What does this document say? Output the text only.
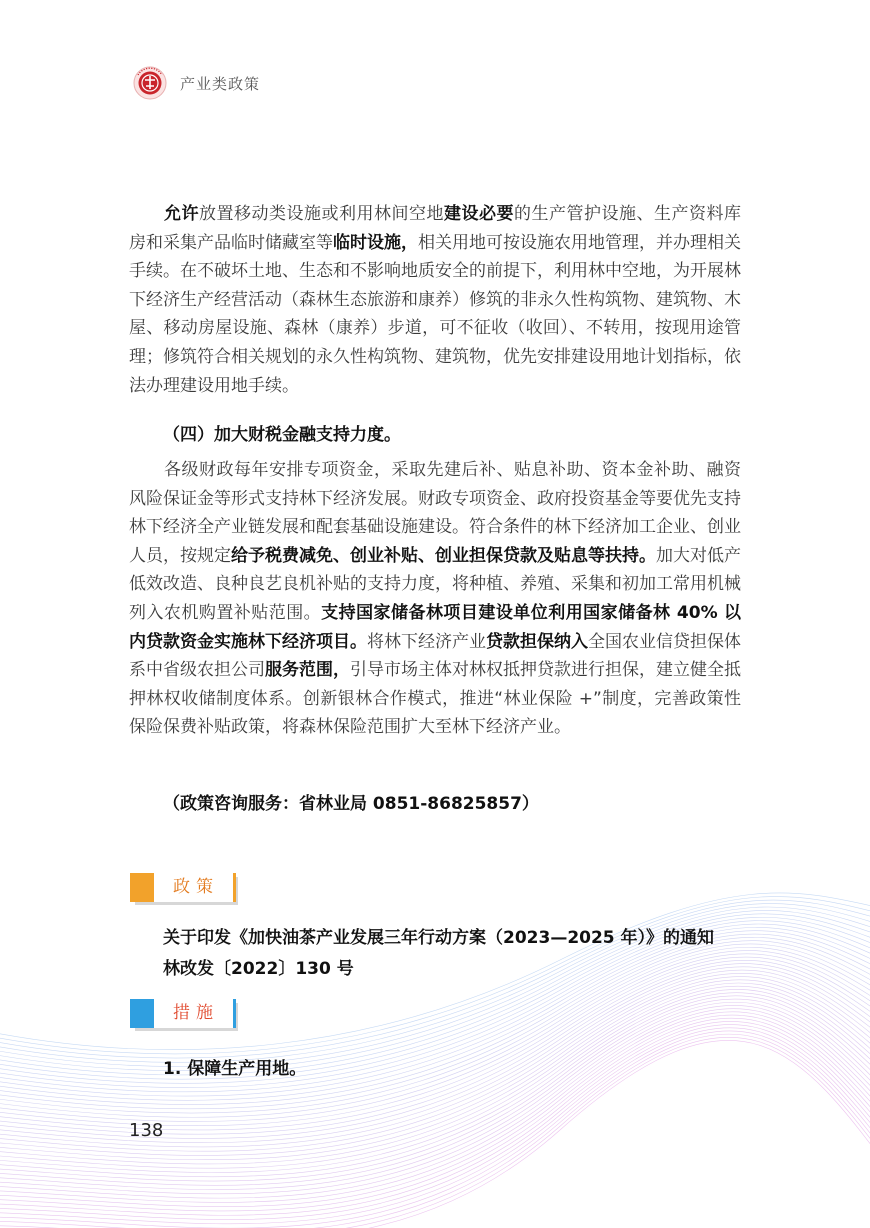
产业类政策

允许放置移动类设施或利用林间空地建设必要的生产管护设施、生产资料库房和采集产品临时储藏室等临时设施，相关用地可按设施农用地管理，并办理相关手续。在不破坏土地、生态和不影响地质安全的前提下，利用林中空地，为开展林下经济生产经营活动（森林生态旅游和康养）修筑的非永久性构筑物、建筑物、木屋、移动房屋设施、森林（康养）步道，可不征收（收回）、不转用，按现用途管理；修筑符合相关规划的永久性构筑物、建筑物，优先安排建设用地计划指标，依法办理建设用地手续。

（四）加大财税金融支持力度。

各级财政每年安排专项资金，采取先建后补、贴息补助、资本金补助、融资风险保证金等形式支持林下经济发展。财政专项资金、政府投资基金等要优先支持林下经济全产业链发展和配套基础设施建设。符合条件的林下经济加工企业、创业人员，按规定给予税费减免、创业补贴、创业担保贷款及贴息等扶持。加大对低产低效改造、良种良艺良机补贴的支持力度，将种植、养殖、采集和初加工常用机械列入农机购置补贴范围。支持国家储备林项目建设单位利用国家储备林 40% 以内贷款资金实施林下经济项目。将林下经济产业贷款担保纳入全国农业信贷担保体系中省级农担公司服务范围，引导市场主体对林权抵押贷款进行担保，建立健全抵押林权收储制度体系。创新银林合作模式，推进“林业保险 +”制度，完善政策性保险保费补贴政策，将森林保险范围扩大至林下经济产业。

（政策咨询服务：省林业局 0851-86825857）
政策
关于印发《加快油茶产业发展三年行动方案（2023—2025 年）》的通知
林改发〔2022〕130 号
措施
1. 保障生产用地。
138
